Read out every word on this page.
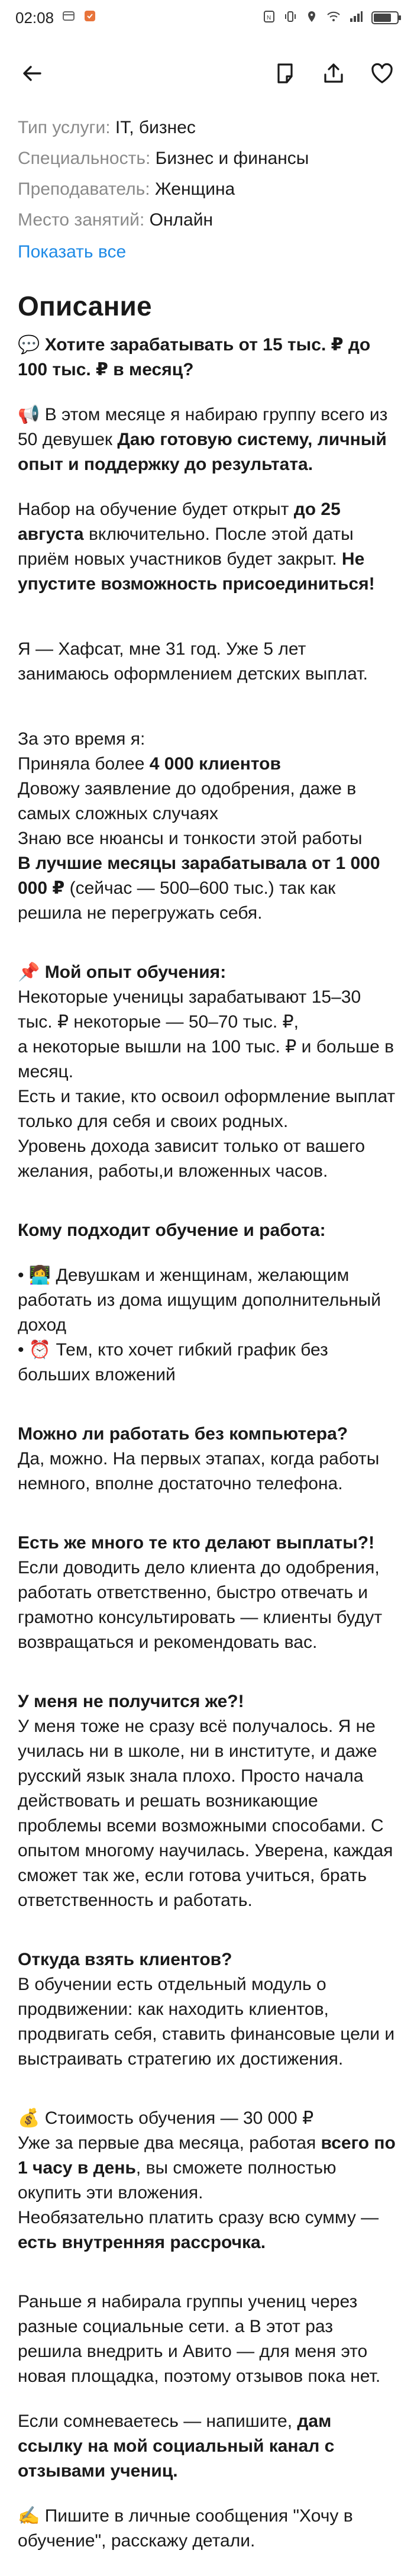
02:08	N
Тип услуги: IT, бизнес
Специальность: Бизнес и финансы
Преподаватель: Женщина
Место занятий: Онлайн
Показать все
Описание

💬 Хотите зарабатывать от 15 тыс. ₽ до 100 тыс. ₽ в месяц?

📢 В этом месяце я набираю группу всего из 50 девушек Даю готовую систему, личный опыт и поддержку до результата.

Набор на обучение будет открыт до 25 августа включительно. После этой даты приём новых участников будет закрыт. Не упустите возможность присоединиться!

Я — Хафсат, мне 31 год. Уже 5 лет занимаюсь оформлением детских выплат.

За это время я:

Приняла более 4 000 клиентов

Довожу заявление до одобрения, даже в самых сложных случаях

Знаю все нюансы и тонкости этой работы

В лучшие месяцы зарабатывала от 1 000 000 ₽ (сейчас — 500–600 тыс.) так как решила не перегружать себя.

📌 Мой опыт обучения:

Некоторые ученицы зарабатывают 15–30 тыс. ₽ некоторые — 50–70 тыс. ₽,

а некоторые вышли на 100 тыс. ₽ и больше в месяц.

Есть и такие, кто освоил оформление выплат только для себя и своих родных.

Уровень дохода зависит только от вашего желания, работы,и вложенных часов.

Кому подходит обучение и работа:

• 👩‍💻 Девушкам и женщинам, желающим работать из дома ищущим дополнительный доход

• ⏰ Тем, кто хочет гибкий график без больших вложений

Можно ли работать без компьютера?

Да, можно. На первых этапах, когда работы немного, вполне достаточно телефона.

Есть же много те кто делают выплаты?!

Если доводить дело клиента до одобрения, работать ответственно, быстро отвечать и грамотно консультировать — клиенты будут возвращаться и рекомендовать вас.

У меня не получится же?!

У меня тоже не сразу всё получалось. Я не училась ни в школе, ни в институте, и даже русский язык знала плохо. Просто начала действовать и решать возникающие проблемы всеми возможными способами. С опытом многому научилась. Уверена, каждая сможет так же, если готова учиться, брать ответственность и работать.

Откуда взять клиентов?

В обучении есть отдельный модуль о продвижении: как находить клиентов, продвигать себя, ставить финансовые цели и выстраивать стратегию их достижения.

💰 Стоимость обучения — 30 000 ₽

Уже за первые два месяца, работая всего по 1 часу в день, вы сможете полностью окупить эти вложения.

Необязательно платить сразу всю сумму — есть внутренняя рассрочка.

Раньше я набирала группы учениц через разные социальные сети. а В этот раз решила внедрить и Авито — для меня это новая площадка, поэтому отзывов пока нет.

Если сомневаетесь — напишите, дам ссылку на мой социальный канал с отзывами учениц.

✍️ Пишите в личные сообщения "Хочу в обучение", расскажу детали.
